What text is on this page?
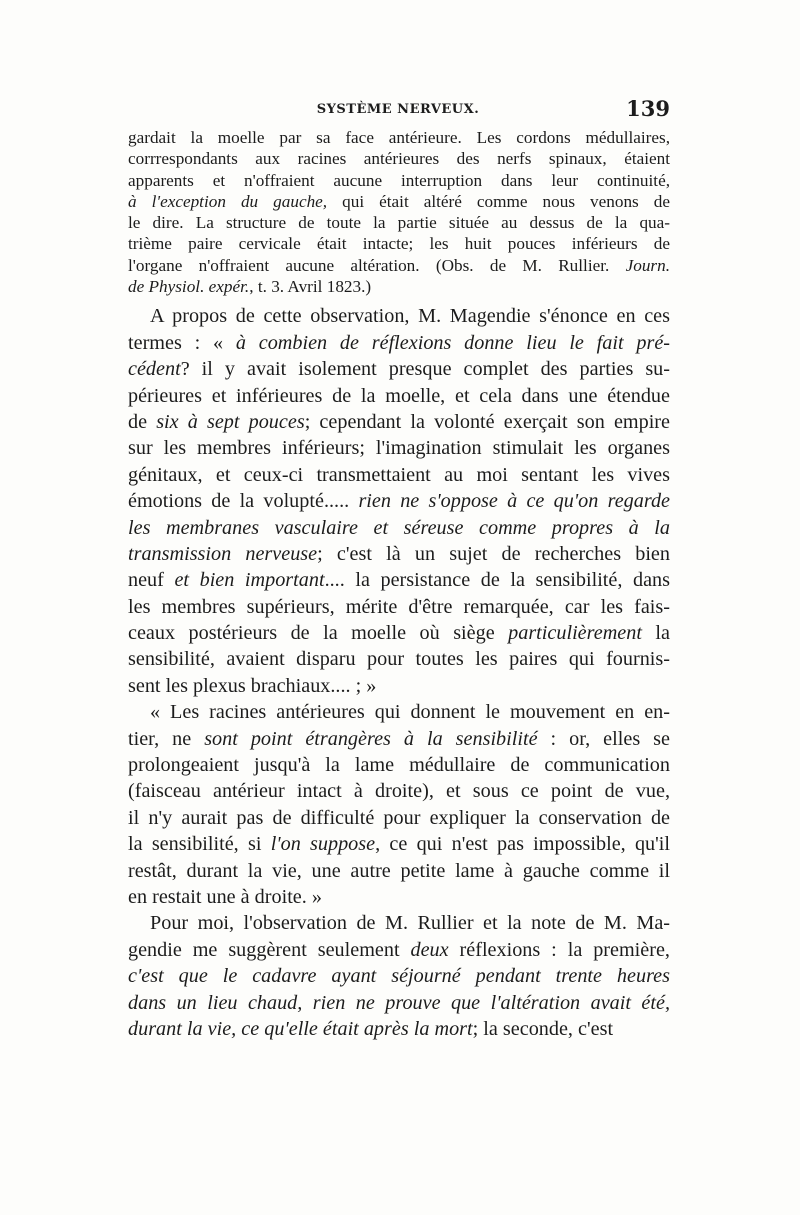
SYSTÈME NERVEUX.	139
gardait la moelle par sa face antérieure. Les cordons médullaires,
corrrespondants aux racines antérieures des nerfs spinaux, étaient
apparents et n'offraient aucune interruption dans leur continuité,
à l'exception du gauche, qui était altéré comme nous venons de
le dire. La structure de toute la partie située au dessus de la qua-
trième paire cervicale était intacte; les huit pouces inférieurs de
l'organe n'offraient aucune altération. (Obs. de M. Rullier. Journ.
de Physiol. expér., t. 3. Avril 1823.)
A propos de cette observation, M. Magendie s'énonce en ces
termes : « à combien de réflexions donne lieu le fait pré-
cédent? il y avait isolement presque complet des parties su-
périeures et inférieures de la moelle, et cela dans une étendue
de six à sept pouces; cependant la volonté exerçait son empire
sur les membres inférieurs; l'imagination stimulait les organes
génitaux, et ceux-ci transmettaient au moi sentant les vives
émotions de la volupté..... rien ne s'oppose à ce qu'on regarde
les membranes vasculaire et séreuse comme propres à la
transmission nerveuse; c'est là un sujet de recherches bien
neuf et bien important.... la persistance de la sensibilité, dans
les membres supérieurs, mérite d'être remarquée, car les fais-
ceaux postérieurs de la moelle où siège particulièrement la
sensibilité, avaient disparu pour toutes les paires qui fournis-
sent les plexus brachiaux.... ; »
« Les racines antérieures qui donnent le mouvement en en-
tier, ne sont point étrangères à la sensibilité : or, elles se
prolongeaient jusqu'à la lame médullaire de communication
(faisceau antérieur intact à droite), et sous ce point de vue,
il n'y aurait pas de difficulté pour expliquer la conservation de
la sensibilité, si l'on suppose, ce qui n'est pas impossible, qu'il
restât, durant la vie, une autre petite lame à gauche comme il
en restait une à droite. »
Pour moi, l'observation de M. Rullier et la note de M. Ma-
gendie me suggèrent seulement deux réflexions : la première,
c'est que le cadavre ayant séjourné pendant trente heures
dans un lieu chaud, rien ne prouve que l'altération avait été,
durant la vie, ce qu'elle était après la mort; la seconde, c'est
